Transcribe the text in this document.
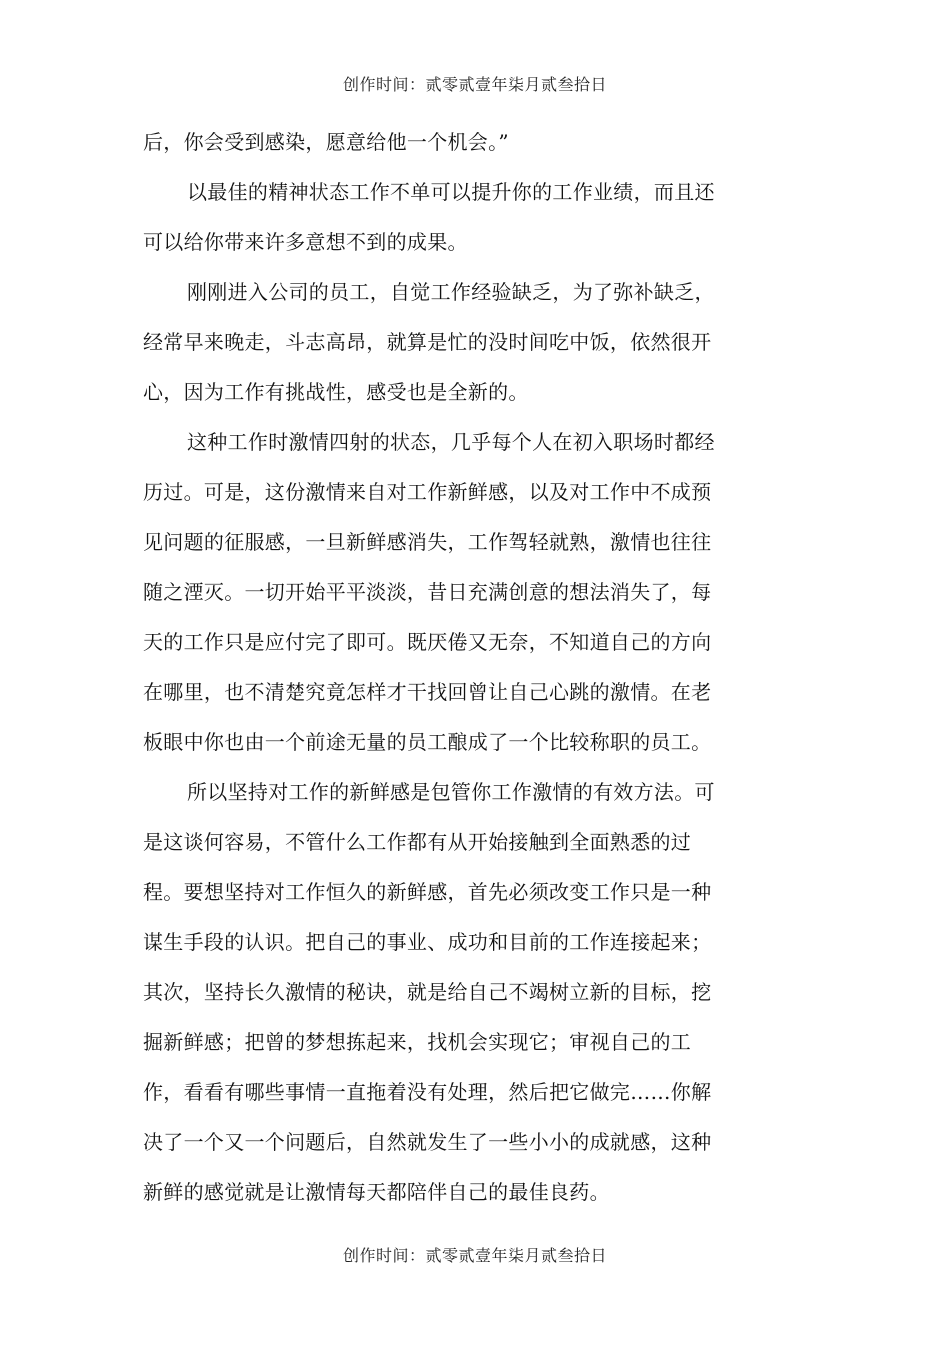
创作时间：贰零贰壹年柒月贰叁拾日
后，你会受到感染，愿意给他一个机会。”
以最佳的精神状态工作不单可以提升你的工作业绩，而且还
可以给你带来许多意想不到的成果。
刚刚进入公司的员工，自觉工作经验缺乏，为了弥补缺乏，
经常早来晚走，斗志高昂，就算是忙的没时间吃中饭，依然很开
心，因为工作有挑战性，感受也是全新的。
这种工作时激情四射的状态，几乎每个人在初入职场时都经
历过。可是，这份激情来自对工作新鲜感，以及对工作中不成预
见问题的征服感，一旦新鲜感消失，工作驾轻就熟，激情也往往
随之湮灭。一切开始平平淡淡，昔日充满创意的想法消失了，每
天的工作只是应付完了即可。既厌倦又无奈，不知道自己的方向
在哪里，也不清楚究竟怎样才干找回曾让自己心跳的激情。在老
板眼中你也由一个前途无量的员工酿成了一个比较称职的员工。
所以坚持对工作的新鲜感是包管你工作激情的有效方法。可
是这谈何容易，不管什么工作都有从开始接触到全面熟悉的过
程。要想坚持对工作恒久的新鲜感，首先必须改变工作只是一种
谋生手段的认识。把自己的事业、成功和目前的工作连接起来；
其次，坚持长久激情的秘诀，就是给自己不竭树立新的目标，挖
掘新鲜感；把曾的梦想拣起来，找机会实现它；审视自己的工
作，看看有哪些事情一直拖着没有处理，然后把它做完……你解
决了一个又一个问题后，自然就发生了一些小小的成就感，这种
新鲜的感觉就是让激情每天都陪伴自己的最佳良药。
创作时间：贰零贰壹年柒月贰叁拾日
